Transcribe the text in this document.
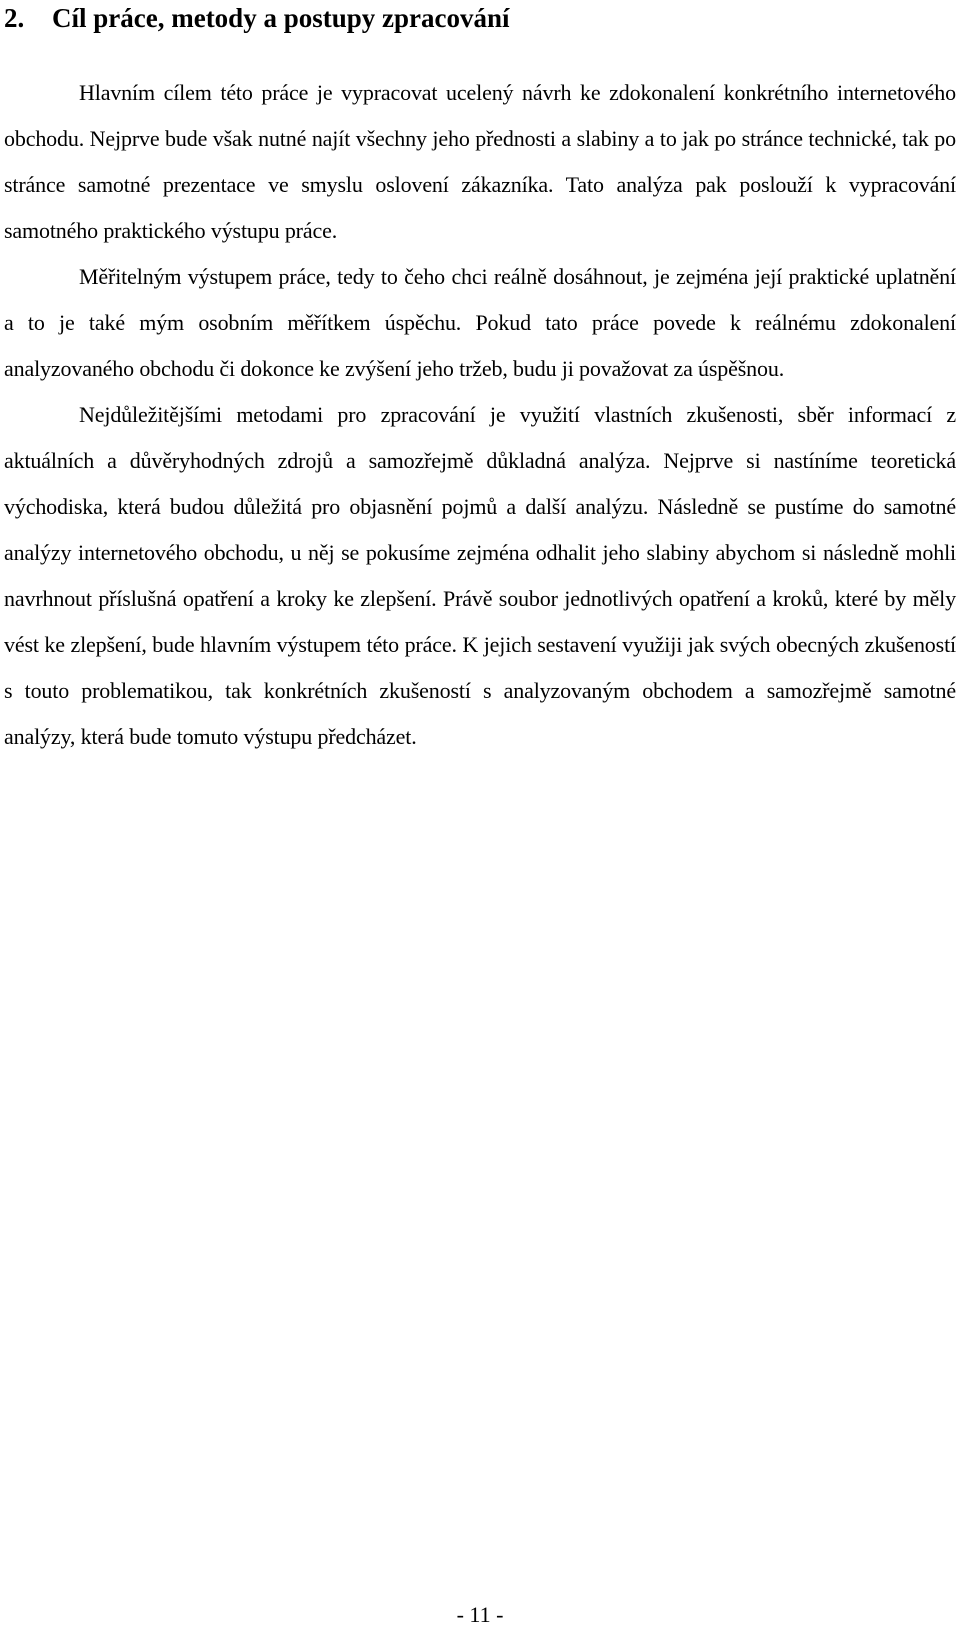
2. Cíl práce, metody a postupy zpracování

Hlavním cílem této práce je vypracovat ucelený návrh ke zdokonalení konkrétního internetového obchodu. Nejprve bude však nutné najít všechny jeho přednosti a slabiny a to jak po stránce technické, tak po stránce samotné prezentace ve smyslu oslovení zákazníka. Tato analýza pak poslouží k vypracování samotného praktického výstupu práce.

Měřitelným výstupem práce, tedy to čeho chci reálně dosáhnout, je zejména její praktické uplatnění a to je také mým osobním měřítkem úspěchu. Pokud tato práce povede k reálnému zdokonalení analyzovaného obchodu či dokonce ke zvýšení jeho tržeb, budu ji považovat za úspěšnou.

Nejdůležitějšími metodami pro zpracování je využití vlastních zkušenosti, sběr informací z aktuálních a důvěryhodných zdrojů a samozřejmě důkladná analýza. Nejprve si nastíníme teoretická východiska, která budou důležitá pro objasnění pojmů a další analýzu. Následně se pustíme do samotné analýzy internetového obchodu, u něj se pokusíme zejména odhalit jeho slabiny abychom si následně mohli navrhnout příslušná opatření a kroky ke zlepšení. Právě soubor jednotlivých opatření a kroků, které by měly vést ke zlepšení, bude hlavním výstupem této práce. K jejich sestavení využiji jak svých obecných zkušeností s touto problematikou, tak konkrétních zkušeností s analyzovaným obchodem a samozřejmě samotné analýzy, která bude tomuto výstupu předcházet.

- 11 -
